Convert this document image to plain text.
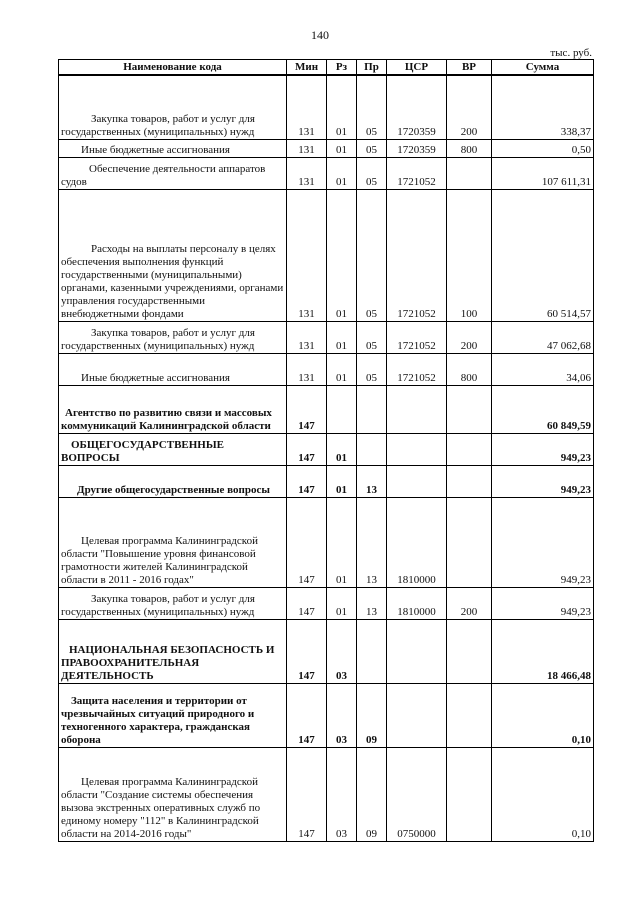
140
тыс. руб.
Наименование кода	Мин	Рз	Пр	ЦСР	ВР	Сумма
Закупка товаров, работ и услуг для государственных (муниципальных) нужд	131	01	05	1720359	200	338,37
Иные бюджетные ассигнования	131	01	05	1720359	800	0,50
Обеспечение деятельности аппаратов судов	131	01	05	1721052		107 611,31
Расходы на выплаты персоналу в целях обеспечения выполнения функций государственными (муниципальными) органами, казенными учреждениями, органами управления государственными внебюджетными фондами	131	01	05	1721052	100	60 514,57
Закупка товаров, работ и услуг для государственных (муниципальных) нужд	131	01	05	1721052	200	47 062,68
Иные бюджетные ассигнования	131	01	05	1721052	800	34,06
Агентство по развитию связи и массовых коммуникаций Калининградской области	147					60 849,59
ОБЩЕГОСУДАРСТВЕННЫЕ ВОПРОСЫ	147	01				949,23
Другие общегосударственные вопросы	147	01	13			949,23
Целевая программа Калининградской области "Повышение уровня финансовой грамотности жителей Калининградской области в 2011 - 2016 годах"	147	01	13	1810000		949,23
Закупка товаров, работ и услуг для государственных (муниципальных) нужд	147	01	13	1810000	200	949,23
НАЦИОНАЛЬНАЯ БЕЗОПАСНОСТЬ И ПРАВООХРАНИТЕЛЬНАЯ ДЕЯТЕЛЬНОСТЬ	147	03				18 466,48
Защита населения и территории от чрезвычайных ситуаций природного и техногенного характера, гражданская оборона	147	03	09			0,10
Целевая программа Калининградской области "Создание системы обеспечения вызова экстренных оперативных служб по единому номеру "112" в Калининградской области на 2014-2016 годы"	147	03	09	0750000		0,10
